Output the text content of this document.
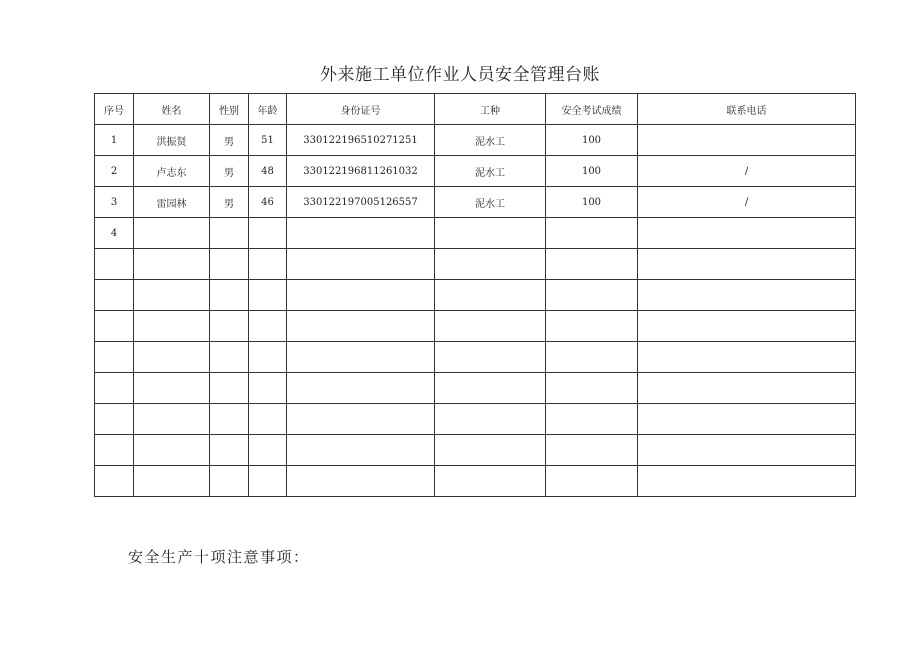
外来施工单位作业人员安全管理台账
序号	姓名	性别	年龄	身份证号	工种	安全考试成绩	联系电话
1	洪振贤	男	51	330122196510271251	泥水工	100	
2	卢志东	男	48	330122196811261032	泥水工	100	/
3	雷园林	男	46	330122197005126557	泥水工	100	/
4							

安全生产十项注意事项：
